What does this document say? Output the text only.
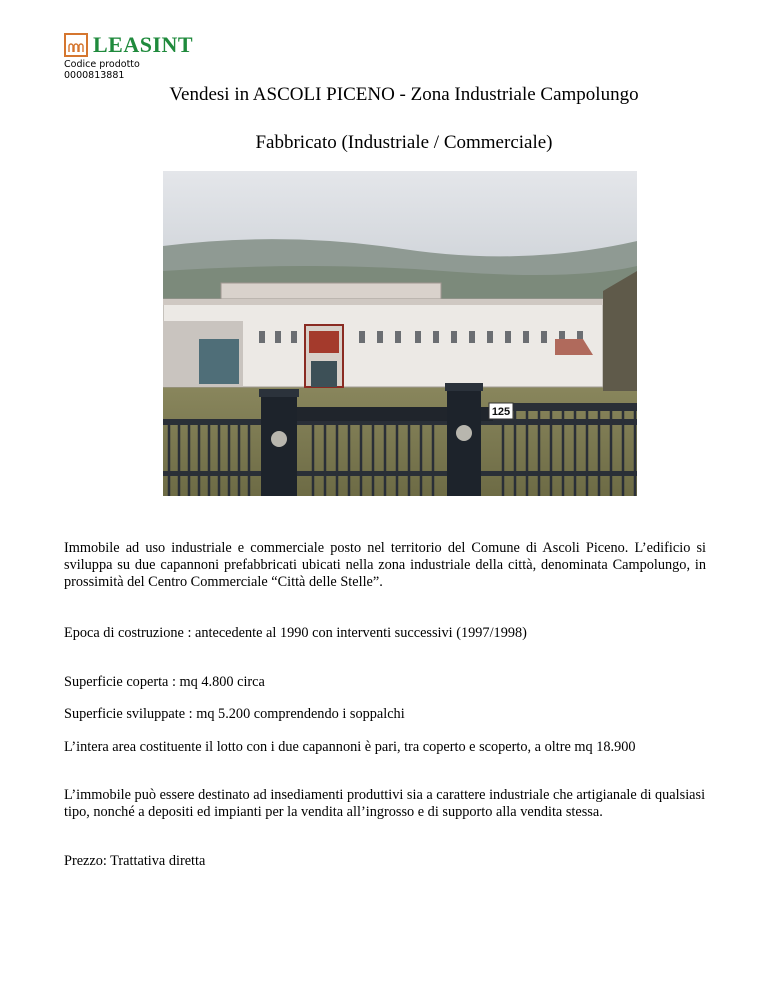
LEASINT
Codice prodotto
0000813881
Vendesi in ASCOLI PICENO - Zona Industriale Campolungo
Fabbricato (Industriale / Commerciale)
125
Immobile ad uso industriale e commerciale posto nel territorio del Comune di Ascoli Piceno. L’edificio si sviluppa su due capannoni prefabbricati ubicati nella zona industriale della città, denominata Campolungo, in prossimità del Centro Commerciale “Città delle Stelle”.
Epoca di costruzione : antecedente al 1990 con interventi successivi (1997/1998)
Superficie coperta : mq 4.800 circa
Superficie sviluppate : mq 5.200 comprendendo i soppalchi
L’intera area costituente il lotto con i due capannoni è pari, tra coperto e scoperto, a oltre mq 18.900
L’immobile può essere destinato ad insediamenti produttivi sia a carattere industriale che artigianale di qualsiasi tipo, nonché a depositi ed impianti per la vendita all’ingrosso e di supporto alla vendita stessa.
Prezzo: Trattativa diretta
